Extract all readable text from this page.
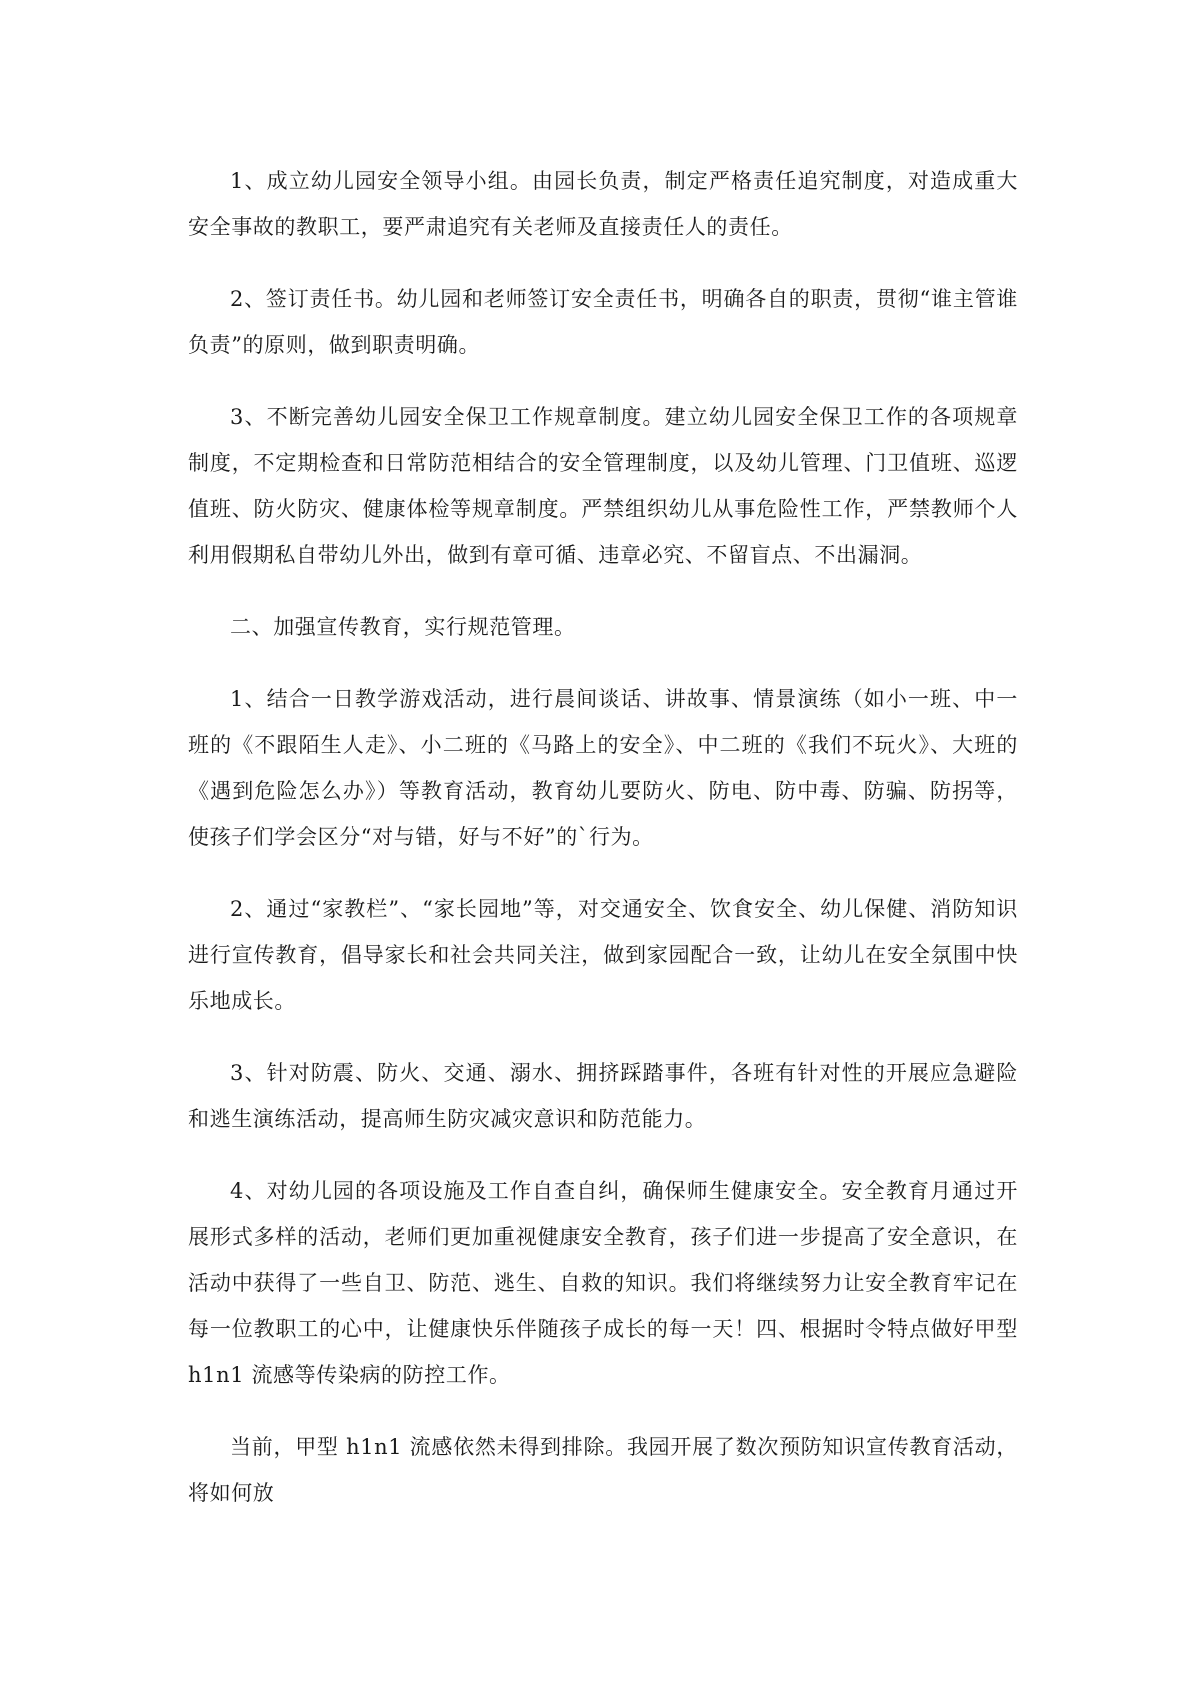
1、成立幼儿园安全领导小组。由园长负责，制定严格责任追究制度，对造成重大安全事故的教职工，要严肃追究有关老师及直接责任人的责任。

2、签订责任书。幼儿园和老师签订安全责任书，明确各自的职责，贯彻“谁主管谁负责”的原则，做到职责明确。

3、不断完善幼儿园安全保卫工作规章制度。建立幼儿园安全保卫工作的各项规章制度，不定期检查和日常防范相结合的安全管理制度，以及幼儿管理、门卫值班、巡逻值班、防火防灾、健康体检等规章制度。严禁组织幼儿从事危险性工作，严禁教师个人利用假期私自带幼儿外出，做到有章可循、违章必究、不留盲点、不出漏洞。

二、加强宣传教育，实行规范管理。

1、结合一日教学游戏活动，进行晨间谈话、讲故事、情景演练（如小一班、中一班的《不跟陌生人走》、小二班的《马路上的安全》、中二班的《我们不玩火》、大班的《遇到危险怎么办》）等教育活动，教育幼儿要防火、防电、防中毒、防骗、防拐等，使孩子们学会区分“对与错，好与不好”的`行为。

2、通过“家教栏”、“家长园地”等，对交通安全、饮食安全、幼儿保健、消防知识进行宣传教育，倡导家长和社会共同关注，做到家园配合一致，让幼儿在安全氛围中快乐地成长。

3、针对防震、防火、交通、溺水、拥挤踩踏事件，各班有针对性的开展应急避险和逃生演练活动，提高师生防灾减灾意识和防范能力。

4、对幼儿园的各项设施及工作自查自纠，确保师生健康安全。安全教育月通过开展形式多样的活动，老师们更加重视健康安全教育，孩子们进一步提高了安全意识，在活动中获得了一些自卫、防范、逃生、自救的知识。我们将继续努力让安全教育牢记在每一位教职工的心中，让健康快乐伴随孩子成长的每一天！四、根据时令特点做好甲型 h1n1 流感等传染病的防控工作。

当前，甲型 h1n1 流感依然未得到排除。我园开展了数次预防知识宣传教育活动，将如何放
